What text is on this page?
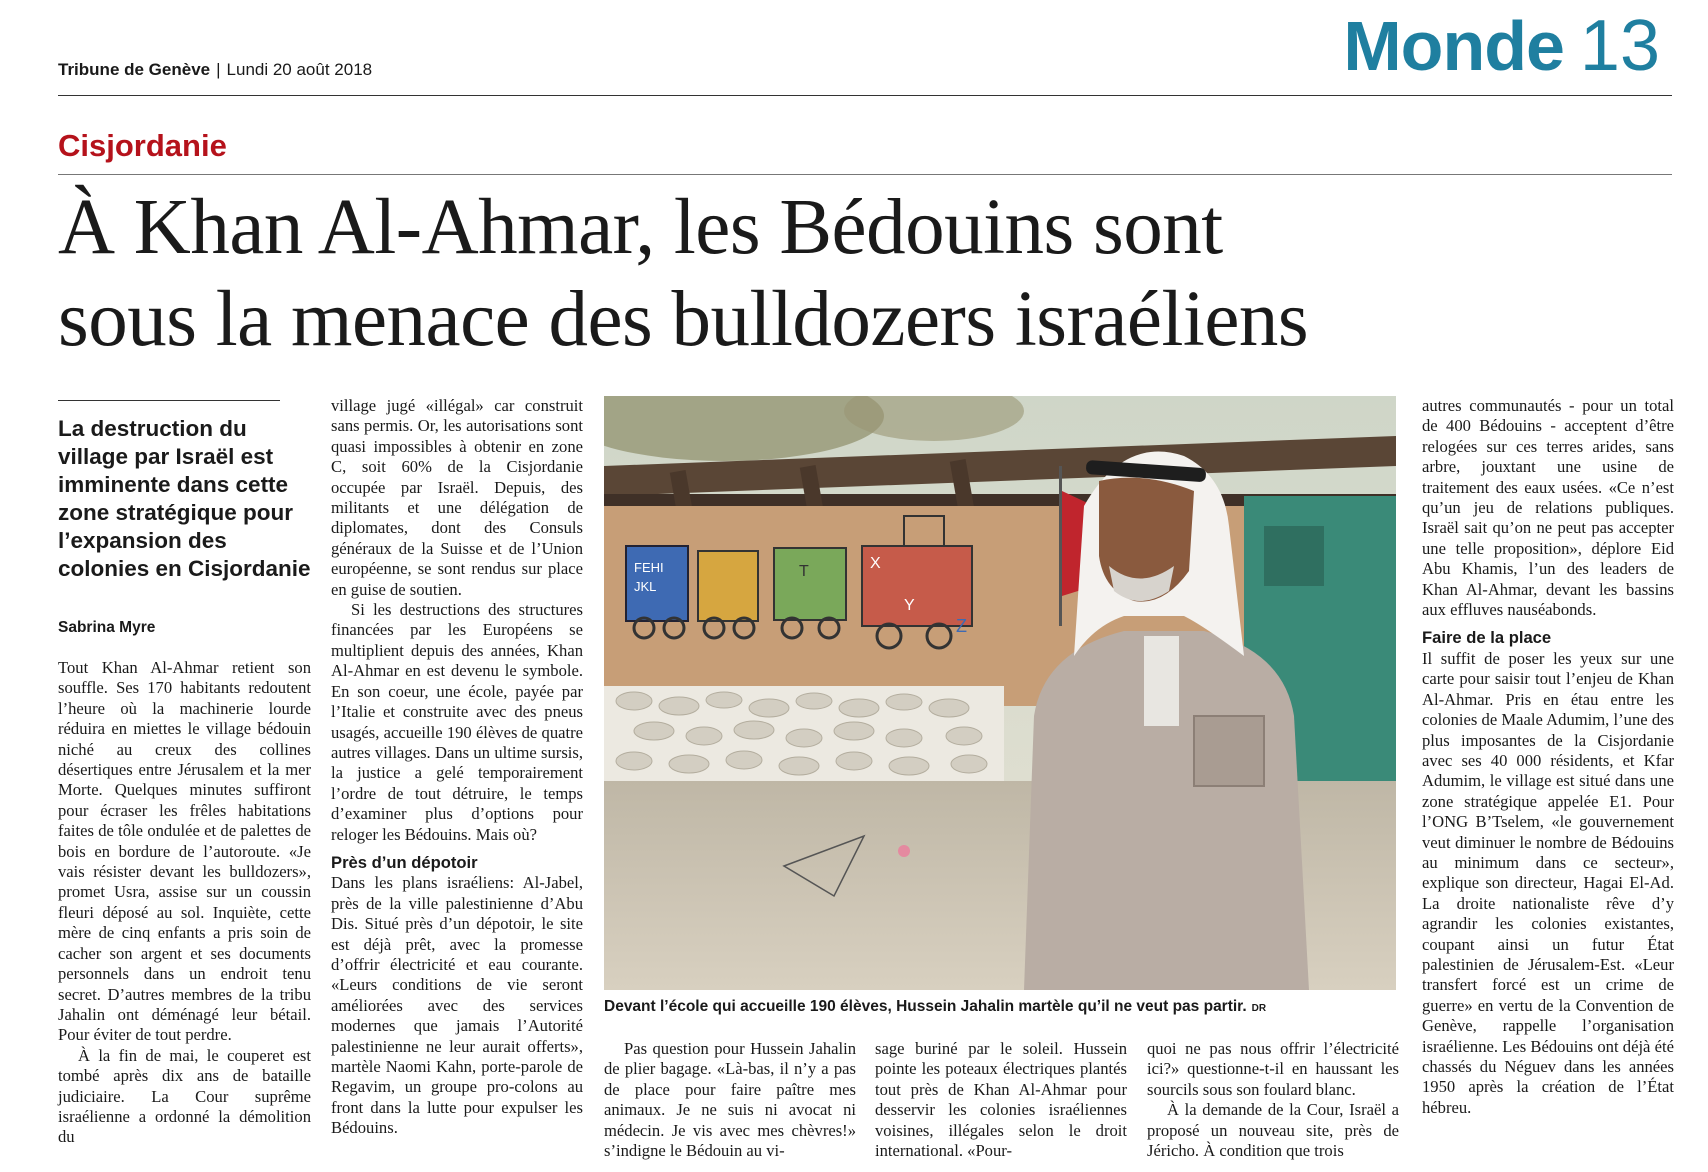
Tribune de Genève | Lundi 20 août 2018	Monde 13
Cisjordanie
À Khan Al-Ahmar, les Bédouins sont
sous la menace des bulldozers israéliens
La destruction du village par Israël est imminente dans cette zone stratégique pour l’expansion des colonies en Cisjordanie
Sabrina Myre

Tout Khan Al-Ahmar retient son souffle. Ses 170 habitants redoutent l’heure où la machinerie lourde réduira en miettes le village bédouin niché au creux des collines désertiques entre Jérusalem et la mer Morte. Quelques minutes suffiront pour écraser les frêles habitations faites de tôle ondulée et de palettes de bois en bordure de l’autoroute. «Je vais résister devant les bulldozers», promet Usra, assise sur un coussin fleuri déposé au sol. Inquiète, cette mère de cinq enfants a pris soin de cacher son argent et ses documents personnels dans un endroit tenu secret. D’autres membres de la tribu Jahalin ont déménagé leur bétail. Pour éviter de tout perdre.

À la fin de mai, le couperet est tombé après dix ans de bataille judiciaire. La Cour suprême israélienne a ordonné la démolition du

village jugé «illégal» car construit sans permis. Or, les autorisations sont quasi impossibles à obtenir en zone C, soit 60% de la Cisjordanie occupée par Israël. Depuis, des militants et une délégation de diplomates, dont des Consuls généraux de la Suisse et de l’Union européenne, se sont rendus sur place en guise de soutien.

Si les destructions des structures financées par les Européens se multiplient depuis des années, Khan Al-Ahmar en est devenu le symbole. En son coeur, une école, payée par l’Italie et construite avec des pneus usagés, accueille 190 élèves de quatre autres villages. Dans un ultime sursis, la justice a gelé temporairement l’ordre de tout détruire, le temps d’examiner plus d’options pour reloger les Bédouins. Mais où?

Près d’un dépotoir

Dans les plans israéliens: Al-Jabel, près de la ville palestinienne d’Abu Dis. Situé près d’un dépotoir, le site est déjà prêt, avec la promesse d’offrir électricité et eau courante. «Leurs conditions de vie seront améliorées avec des services modernes que jamais l’Autorité palestinienne ne leur aurait offerts», martèle Naomi Kahn, porte-parole de Regavim, un groupe pro-colons au front dans la lutte pour expulser les Bédouins.

FEHI
JKL
T	X
Y
Z
Devant l’école qui accueille 190 élèves, Hussein Jahalin martèle qu’il ne veut pas partir. DR

Pas question pour Hussein Jahalin de plier bagage. «Là-bas, il n’y a pas de place pour faire paître mes animaux. Je ne suis ni avocat ni médecin. Je vis avec mes chèvres!» s’indigne le Bédouin au vi-

sage buriné par le soleil. Hussein pointe les poteaux électriques plantés tout près de Khan Al-Ahmar pour desservir les colonies israéliennes voisines, illégales selon le droit international. «Pour-

quoi ne pas nous offrir l’électricité ici?» questionne-t-il en haussant les sourcils sous son foulard blanc.

À la demande de la Cour, Israël a proposé un nouveau site, près de Jéricho. À condition que trois

autres communautés - pour un total de 400 Bédouins - acceptent d’être relogées sur ces terres arides, sans arbre, jouxtant une usine de traitement des eaux usées. «Ce n’est qu’un jeu de relations publiques. Israël sait qu’on ne peut pas accepter une telle proposition», déplore Eid Abu Khamis, l’un des leaders de Khan Al-Ahmar, devant les bassins aux effluves nauséabonds.

Faire de la place

Il suffit de poser les yeux sur une carte pour saisir tout l’enjeu de Khan Al-Ahmar. Pris en étau entre les colonies de Maale Adumim, l’une des plus imposantes de la Cisjordanie avec ses 40 000 résidents, et Kfar Adumim, le village est situé dans une zone stratégique appelée E1. Pour l’ONG B’Tselem, «le gouvernement veut diminuer le nombre de Bédouins au minimum dans ce secteur», explique son directeur, Hagai El-Ad. La droite nationaliste rêve d’y agrandir les colonies existantes, coupant ainsi un futur État palestinien de Jérusalem-Est. «Leur transfert forcé est un crime de guerre» en vertu de la Convention de Genève, rappelle l’organisation israélienne. Les Bédouins ont déjà été chassés du Néguev dans les années 1950 après la création de l’État hébreu.
